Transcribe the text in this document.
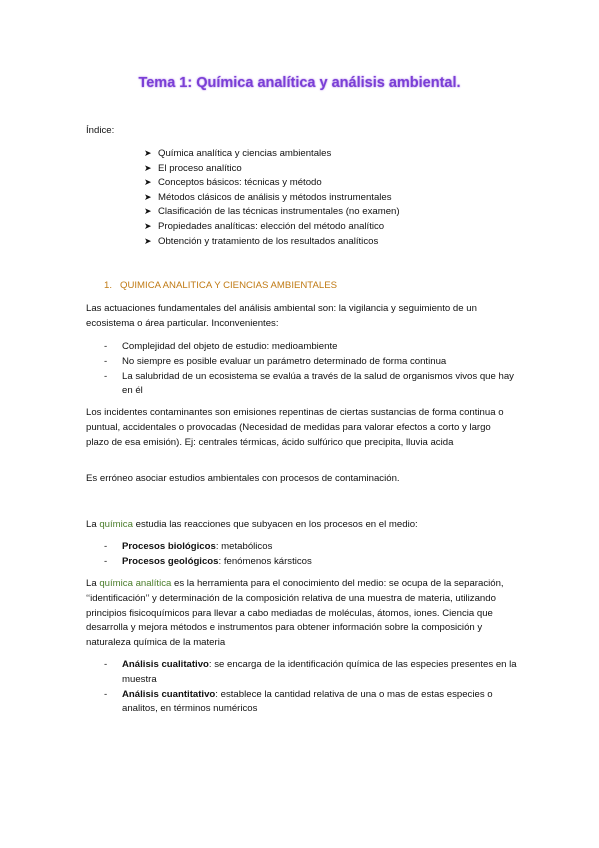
Tema 1: Química analítica y análisis ambiental.
Índice:
➤ Química analítica y ciencias ambientales
➤ El proceso analítico
➤ Conceptos básicos: técnicas y método
➤ Métodos clásicos de análisis y métodos instrumentales
➤ Clasificación de las técnicas instrumentales (no examen)
➤ Propiedades analíticas: elección del método analítico
➤ Obtención y tratamiento de los resultados analíticos
1. QUIMICA ANALITICA Y CIENCIAS AMBIENTALES
Las actuaciones fundamentales del análisis ambiental son: la vigilancia y seguimiento de un ecosistema o área particular. Inconvenientes:
- Complejidad del objeto de estudio: medioambiente
- No siempre es posible evaluar un parámetro determinado de forma continua
- La salubridad de un ecosistema se evalúa a través de la salud de organismos vivos que hay en él
Los incidentes contaminantes son emisiones repentinas de ciertas sustancias de forma continua o puntual, accidentales o provocadas (Necesidad de medidas para valorar efectos a corto y largo plazo de esa emisión). Ej: centrales térmicas, ácido sulfúrico que precipita, lluvia acida
Es erróneo asociar estudios ambientales con procesos de contaminación.
La química estudia las reacciones que subyacen en los procesos en el medio:
- Procesos biológicos: metabólicos
- Procesos geológicos: fenómenos kársticos
La química analítica es la herramienta para el conocimiento del medio: se ocupa de la separación, ‘‘identificación’’ y determinación de la composición relativa de una muestra de materia, utilizando principios fisicoquímicos para llevar a cabo mediadas de moléculas, átomos, iones. Ciencia que desarrolla y mejora métodos e instrumentos para obtener información sobre la composición y naturaleza química de la materia
- Análisis cualitativo: se encarga de la identificación química de las especies presentes en la muestra
- Análisis cuantitativo: establece la cantidad relativa de una o mas de estas especies o analitos, en términos numéricos
